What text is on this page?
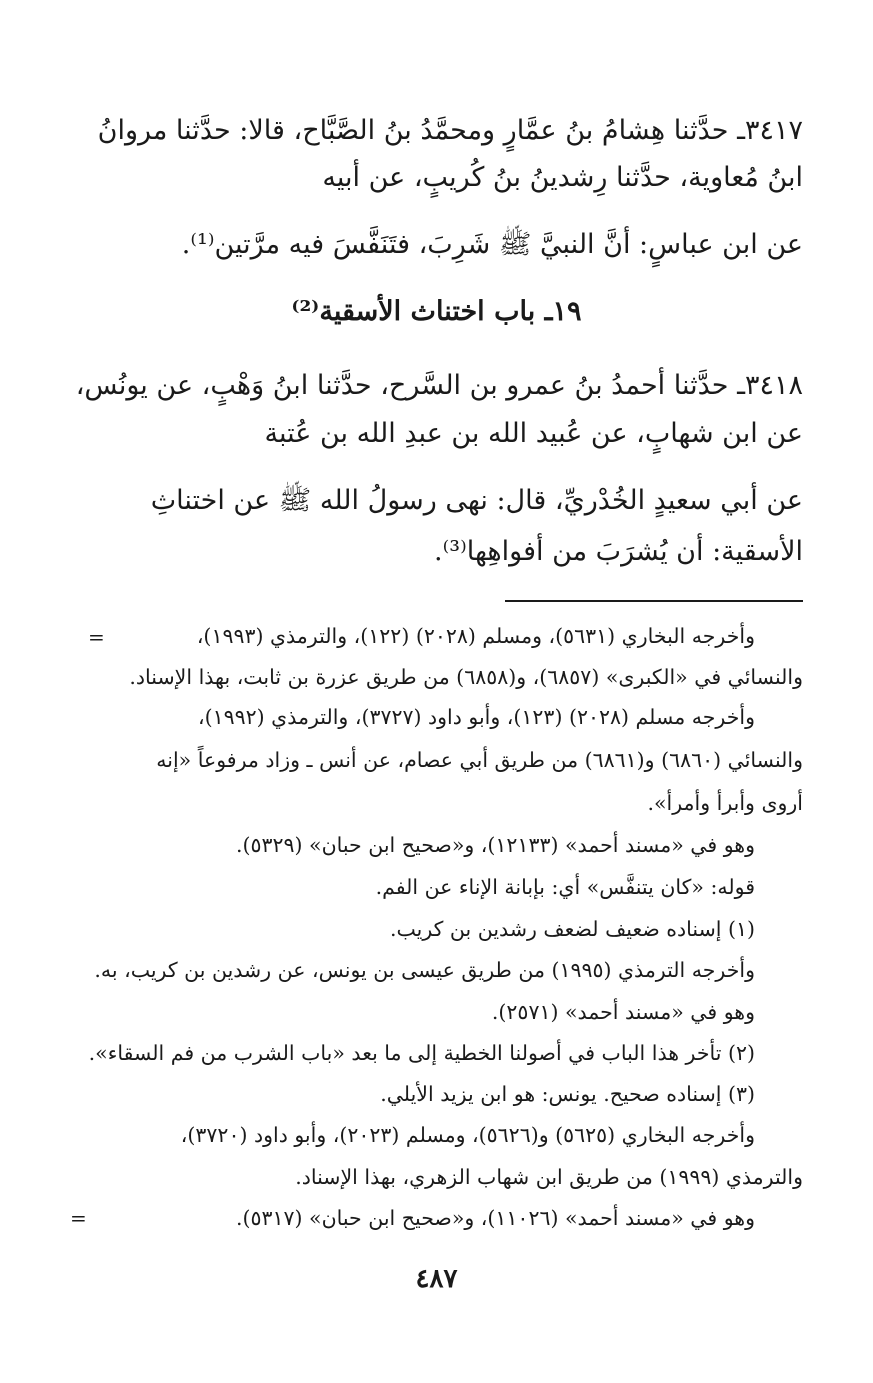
٣٤١٧ـ حدَّثنا هِشامُ بنُ عمَّارٍ ومحمَّدُ بنُ الصَّبَّاح، قالا: حدَّثنا مروانُ

ابنُ مُعاوية، حدَّثنا رِشدينُ بنُ كُريبٍ، عن أبيه

عن ابن عباسٍ: أنَّ النبيَّ ﷺ شَرِبَ، فتَنَفَّسَ فيه مرَّتين⁽¹⁾.

١٩ـ باب اختناث الأسقية⁽²⁾

٣٤١٨ـ حدَّثنا أحمدُ بنُ عمرو بن السَّرح، حدَّثنا ابنُ وَهْبٍ، عن يونُس،

عن ابن شهابٍ، عن عُبيد الله بن عبدِ الله بن عُتبة

عن أبي سعيدٍ الخُدْريِّ، قال: نهى رسولُ الله ﷺ عن اختناثِ

الأسقية: أن يُشرَبَ من أفواهِها⁽³⁾.

=	وأخرجه البخاري (٥٦٣١)، ومسلم (٢٠٢٨) (١٢٢)، والترمذي (١٩٩٣)،

والنسائي في «الكبرى» (٦٨٥٧)، و(٦٨٥٨) من طريق عزرة بن ثابت، بهذا الإسناد.

وأخرجه مسلم (٢٠٢٨) (١٢٣)، وأبو داود (٣٧٢٧)، والترمذي (١٩٩٢)،

والنسائي (٦٨٦٠) و(٦٨٦١) من طريق أبي عصام، عن أنس ـ وزاد مرفوعاً «إنه

أروى وأبرأ وأمرأ».

وهو في «مسند أحمد» (١٢١٣٣)، و«صحيح ابن حبان» (٥٣٢٩).

قوله: «كان يتنفَّس» أي: بإبانة الإناء عن الفم.

(١) إسناده ضعيف لضعف رشدين بن كريب.

وأخرجه الترمذي (١٩٩٥) من طريق عيسى بن يونس، عن رشدين بن كريب، به.

وهو في «مسند أحمد» (٢٥٧١).

(٢) تأخر هذا الباب في أصولنا الخطية إلى ما بعد «باب الشرب من فم السقاء».

(٣) إسناده صحيح. يونس: هو ابن يزيد الأيلي.

وأخرجه البخاري (٥٦٢٥) و(٥٦٢٦)، ومسلم (٢٠٢٣)، وأبو داود (٣٧٢٠)،

والترمذي (١٩٩٩) من طريق ابن شهاب الزهري، بهذا الإسناد.

وهو في «مسند أحمد» (١١٠٢٦)، و«صحيح ابن حبان» (٥٣١٧).

=
٤٨٧
